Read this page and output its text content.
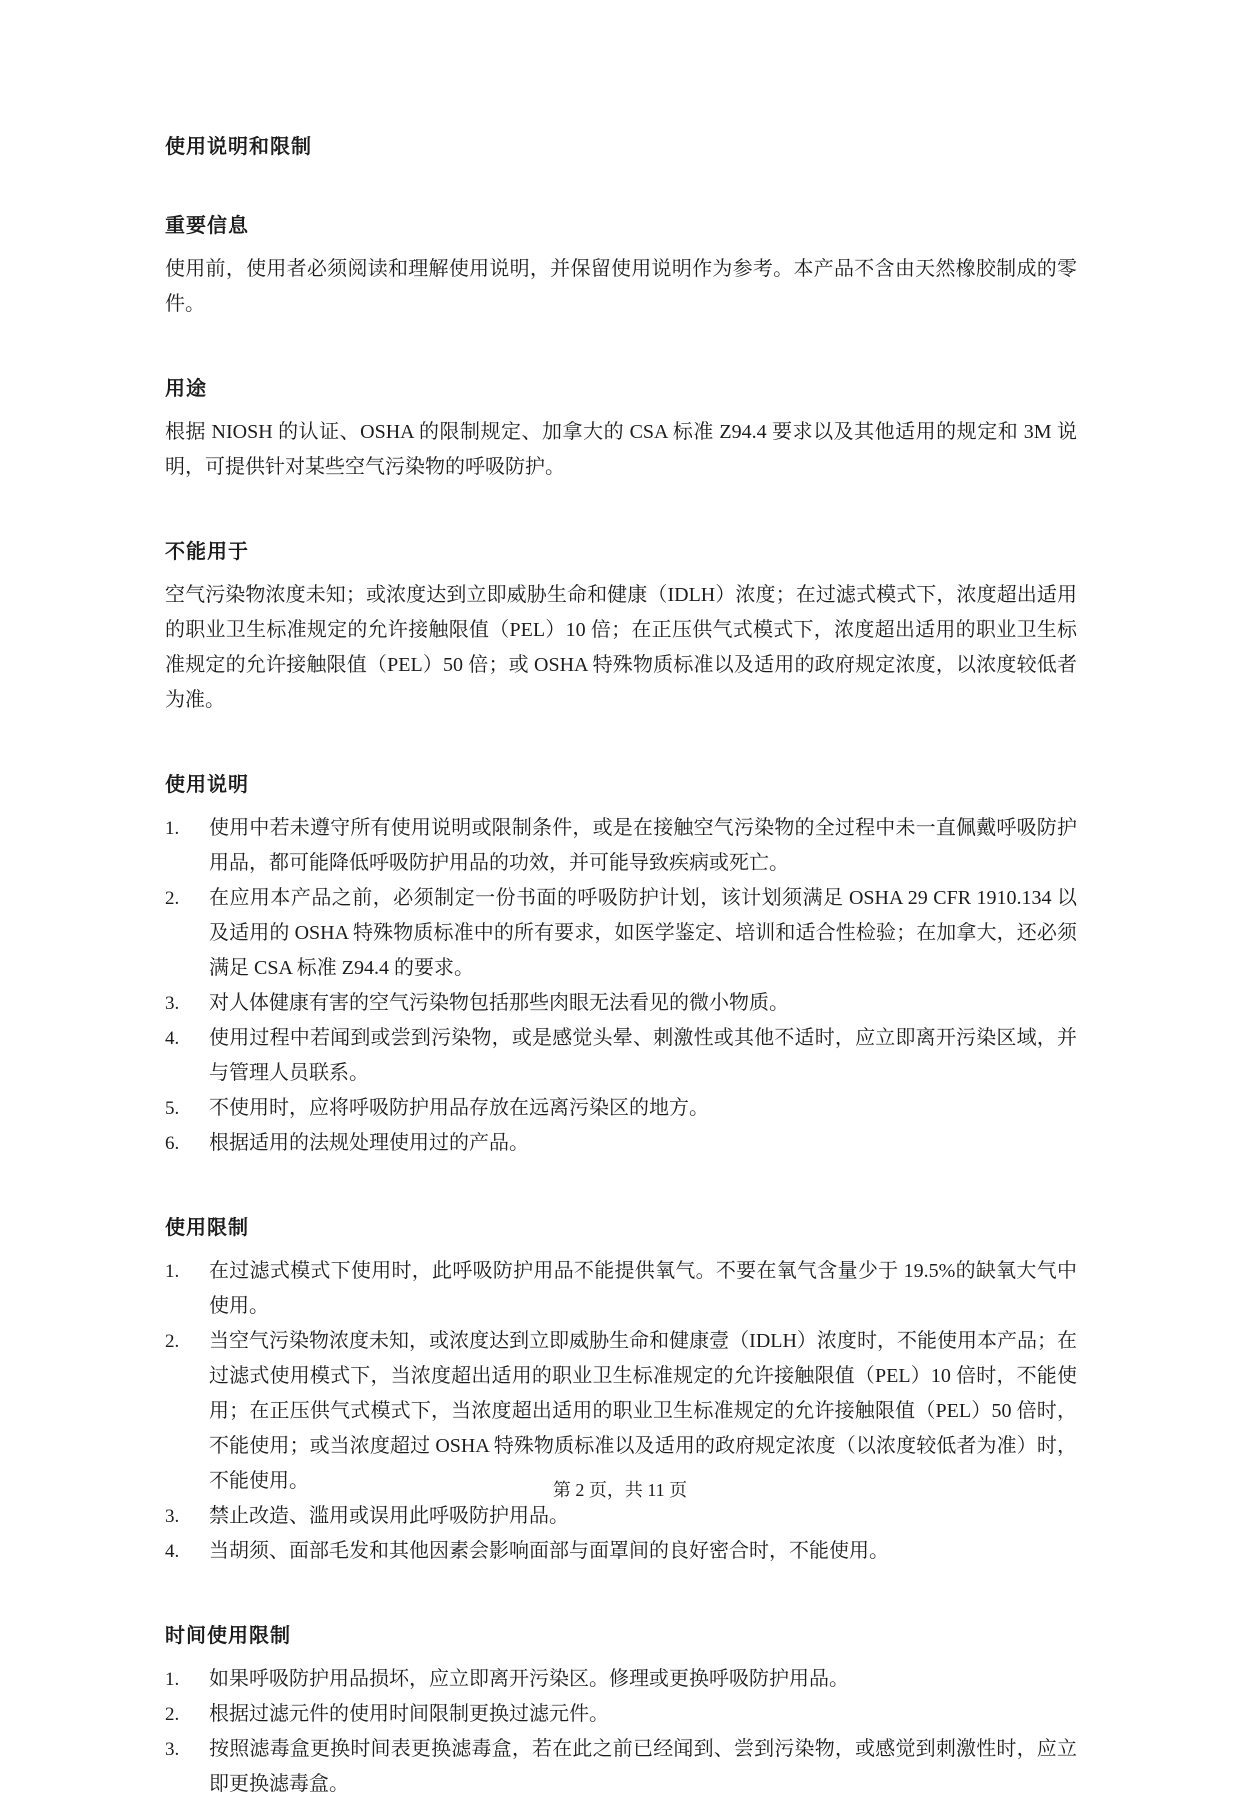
使用说明和限制
重要信息

使用前，使用者必须阅读和理解使用说明，并保留使用说明作为参考。本产品不含由天然橡胶制成的零件。

用途

根据 NIOSH 的认证、OSHA 的限制规定、加拿大的 CSA 标准 Z94.4 要求以及其他适用的规定和 3M 说明，可提供针对某些空气污染物的呼吸防护。

不能用于

空气污染物浓度未知；或浓度达到立即威胁生命和健康（IDLH）浓度；在过滤式模式下，浓度超出适用的职业卫生标准规定的允许接触限值（PEL）10 倍；在正压供气式模式下，浓度超出适用的职业卫生标准规定的允许接触限值（PEL）50 倍；或 OSHA 特殊物质标准以及适用的政府规定浓度，以浓度较低者为准。

使用说明
1.	使用中若未遵守所有使用说明或限制条件，或是在接触空气污染物的全过程中未一直佩戴呼吸防护用品，都可能降低呼吸防护用品的功效，并可能导致疾病或死亡。
2.	在应用本产品之前，必须制定一份书面的呼吸防护计划，该计划须满足 OSHA 29 CFR 1910.134 以及适用的 OSHA 特殊物质标准中的所有要求，如医学鉴定、培训和适合性检验；在加拿大，还必须满足 CSA 标准 Z94.4 的要求。
3.	对人体健康有害的空气污染物包括那些肉眼无法看见的微小物质。
4.	使用过程中若闻到或尝到污染物，或是感觉头晕、刺激性或其他不适时，应立即离开污染区域，并与管理人员联系。
5.	不使用时，应将呼吸防护用品存放在远离污染区的地方。
6.	根据适用的法规处理使用过的产品。
使用限制
1.	在过滤式模式下使用时，此呼吸防护用品不能提供氧气。不要在氧气含量少于 19.5%的缺氧大气中使用。
2.	当空气污染物浓度未知，或浓度达到立即威胁生命和健康壹（IDLH）浓度时，不能使用本产品；在过滤式使用模式下，当浓度超出适用的职业卫生标准规定的允许接触限值（PEL）10 倍时，不能使用；在正压供气式模式下，当浓度超出适用的职业卫生标准规定的允许接触限值（PEL）50 倍时，不能使用；或当浓度超过 OSHA 特殊物质标准以及适用的政府规定浓度（以浓度较低者为准）时，不能使用。
3.	禁止改造、滥用或误用此呼吸防护用品。
4.	当胡须、面部毛发和其他因素会影响面部与面罩间的良好密合时，不能使用。
时间使用限制
1.	如果呼吸防护用品损坏，应立即离开污染区。修理或更换呼吸防护用品。
2.	根据过滤元件的使用时间限制更换过滤元件。
3.	按照滤毒盒更换时间表更换滤毒盒，若在此之前已经闻到、尝到污染物，或感觉到刺激性时，应立即更换滤毒盒。
第 2 页，共 11 页
